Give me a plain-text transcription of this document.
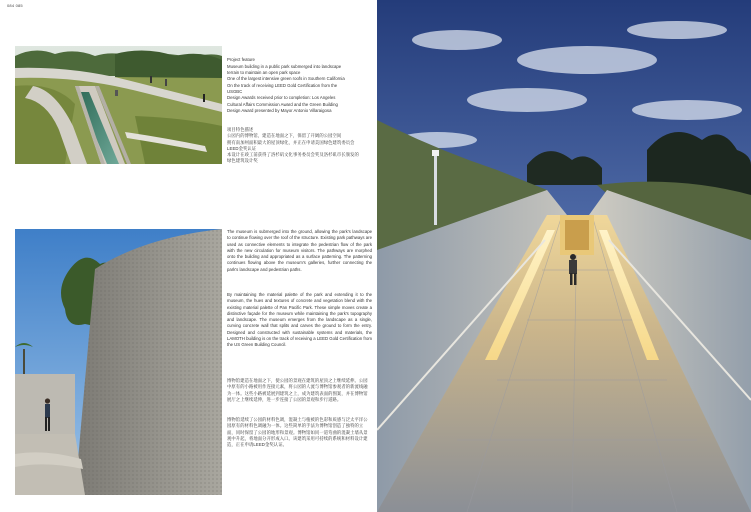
084 085

Project feature

Museum building in a public park submerged into landscape

terrain to maintain an open park space

One of the largest intensive green roofs in Southern California

On the track of receiving LEED Gold Certification from the

USGBC

Design Awards received prior to completion: Los Angeles

Cultural Affairs Commission Award and the Green Building

Design Award presented by Mayor Antonio Villaraigosa

项目特色描述

公园内的博物馆，建造在地面之下，保留了开阔的公园空间

拥有南加州面积最大的屋顶绿化，并正在申请美国绿色建筑委员会

LEED金奖认证

本设计在竣工前获得了洛杉矶文化事务委员会奖及洛杉矶市长颁发的

绿色建筑设计奖

The museum is submerged into the ground, allowing the park's landscape to continue flowing over the roof of the structure. Existing park pathways are used as connective elements to integrate the pedestrian flow of the park with the new circulation for museum visitors. The pathways are morphed onto the building and appropriated as a surface patterning. The patterning continues flowing above the museum's galleries, further connecting the park's landscape and pedestrian paths.

By maintaining the material palette of the park and extending it to the museum, the hues and textures of concrete and vegetation blend with the existing material palette of Pan Pacific Park. These simple moves create a distinctive façade for the museum while maintaining the park's topography and landscape. The museum emerges from the landscape as a single, curving concrete wall that splits and carves the ground to form the entry. Designed and constructed with sustainable systems and materials, the LAMOTH building is on the track of receiving a LEED Gold Certification from the US Green Building Council.

博物馆建造在地面之下，使公园的景观在建筑的屋顶之上继续延伸。公园中原有的小路被用作连接元素，将公园的人流与博物馆参观者的新流线融为一体。这些小路被延展到建筑之上，成为建筑表面的图案，并在博物馆展厅之上继续延伸，进一步连接了公园的景观和步行道路。

博物馆延续了公园的材料色调，混凝土与植被的色彩和质感与泛太平洋公园原有的材料色调融为一体。这些简单的手法为博物馆创造了独特的立面，同时保留了公园的地形和景观。博物馆如同一道弯曲的混凝土墙从景观中升起，将地面分开形成入口。该建筑采用可持续的系统和材料设计建造，正在申请LEED金奖认证。
